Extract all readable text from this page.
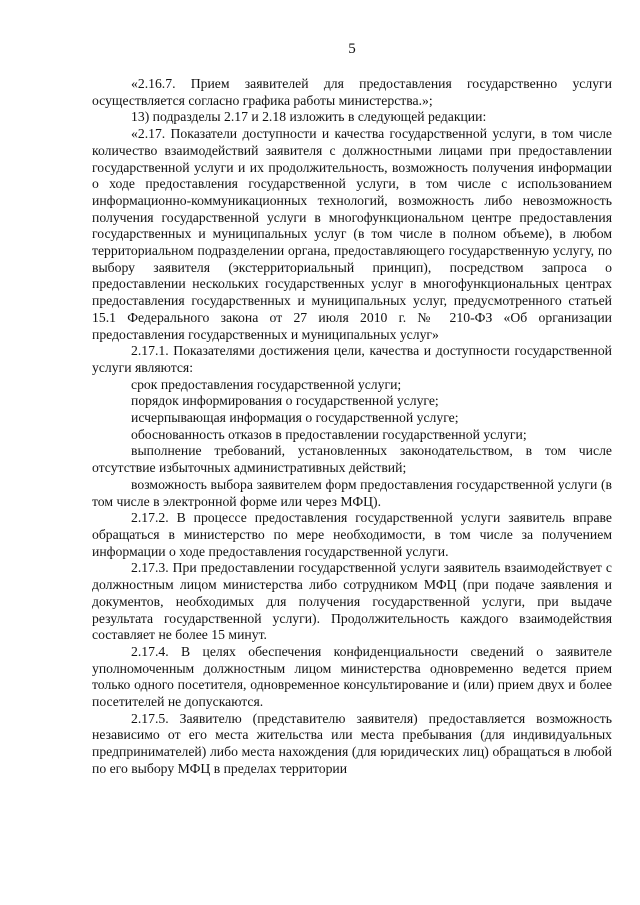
5

«2.16.7. Прием заявителей для предоставления государственно услуги осуществляется согласно графика работы министерства.»;

13) подразделы 2.17 и 2.18 изложить в следующей редакции:

«2.17. Показатели доступности и качества государственной услуги, в том числе количество взаимодействий заявителя с должностными лицами при предоставлении государственной услуги и их продолжительность, возможность получения информации о ходе предоставления государственной услуги, в том числе с использованием информационно-коммуникационных технологий, возможность либо невозможность получения государственной услуги в многофункциональном центре предоставления государственных и муниципальных услуг (в том числе в полном объеме), в любом территориальном подразделении органа, предоставляющего государственную услугу, по выбору заявителя (экстерриториальный принцип), посредством запроса о предоставлении нескольких государственных услуг в многофункциональных центрах предоставления государственных и муниципальных услуг, предусмотренного статьей 15.1 Федерального закона от 27 июля 2010 г. № 210-ФЗ «Об организации предоставления государственных и муниципальных услуг»

2.17.1. Показателями достижения цели, качества и доступности государственной услуги являются:

срок предоставления государственной услуги;

порядок информирования о государственной услуге;

исчерпывающая информация о государственной услуге;

обоснованность отказов в предоставлении государственной услуги;

выполнение требований, установленных законодательством, в том числе отсутствие избыточных административных действий;

возможность выбора заявителем форм предоставления государственной услуги (в том числе в электронной форме или через МФЦ).

2.17.2. В процессе предоставления государственной услуги заявитель вправе обращаться в министерство по мере необходимости, в том числе за получением информации о ходе предоставления государственной услуги.

2.17.3. При предоставлении государственной услуги заявитель взаимодействует с должностным лицом министерства либо сотрудником МФЦ (при подаче заявления и документов, необходимых для получения государственной услуги, при выдаче результата государственной услуги). Продолжительность каждого взаимодействия составляет не более 15 минут.

2.17.4. В целях обеспечения конфиденциальности сведений о заявителе уполномоченным должностным лицом министерства одновременно ведется прием только одного посетителя, одновременное консультирование и (или) прием двух и более посетителей не допускаются.

2.17.5. Заявителю (представителю заявителя) предоставляется возможность независимо от его места жительства или места пребывания (для индивидуальных предпринимателей) либо места нахождения (для юридических лиц) обращаться в любой по его выбору МФЦ в пределах территории
